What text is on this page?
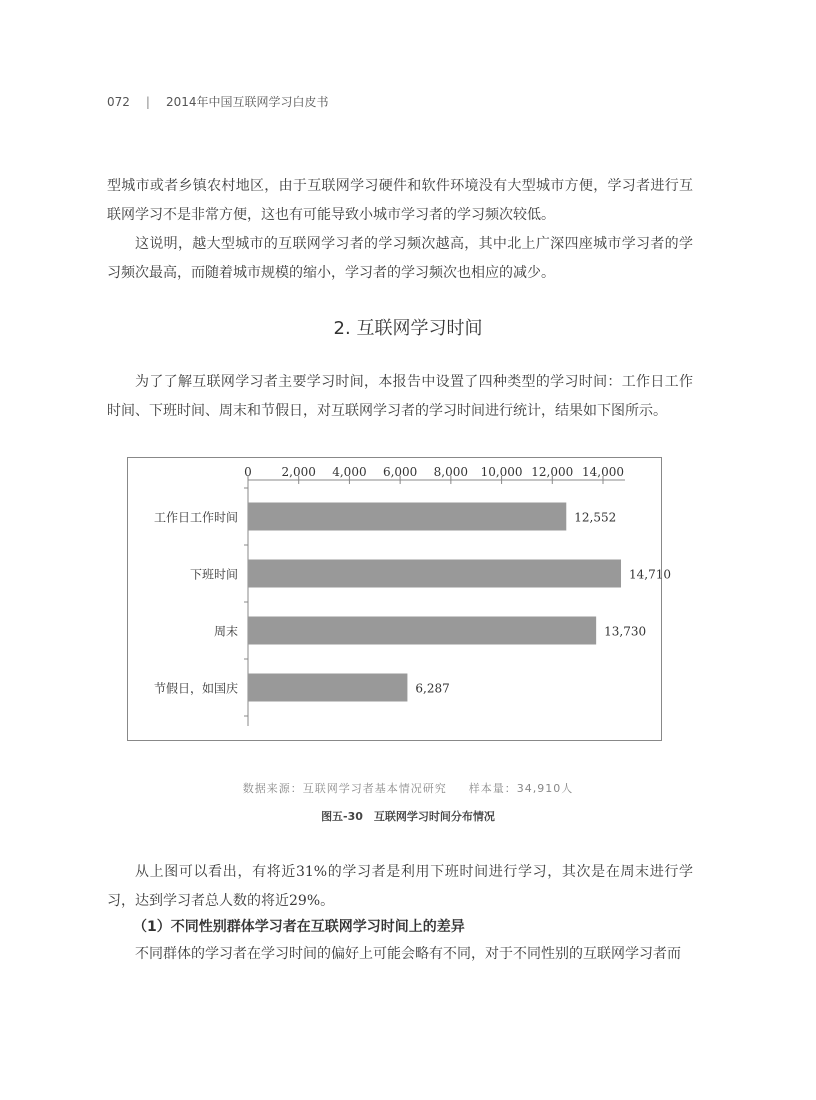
072 | 2014年中国互联网学习白皮书

型城市或者乡镇农村地区，由于互联网学习硬件和软件环境没有大型城市方便，学习者进行互联网学习不是非常方便，这也有可能导致小城市学习者的学习频次较低。

这说明，越大型城市的互联网学习者的学习频次越高，其中北上广深四座城市学习者的学习频次最高，而随着城市规模的缩小，学习者的学习频次也相应的减少。

2. 互联网学习时间

为了了解互联网学习者主要学习时间，本报告中设置了四种类型的学习时间：工作日工作时间、下班时间、周末和节假日，对互联网学习者的学习时间进行统计，结果如下图所示。

0 2,000 4,000 6,000 8,000 10,000 12,000 14,000
工作日工作时间	12,552
下班时间	14,710
周末	13,730
节假日，如国庆	6,287
数据来源：互联网学习者基本情况研究 样本量：34,910人
图五-30　互联网学习时间分布情况

从上图可以看出，有将近31%的学习者是利用下班时间进行学习，其次是在周末进行学习，达到学习者总人数的将近29%。

（1）不同性别群体学习者在互联网学习时间上的差异

不同群体的学习者在学习时间的偏好上可能会略有不同，对于不同性别的互联网学习者而
